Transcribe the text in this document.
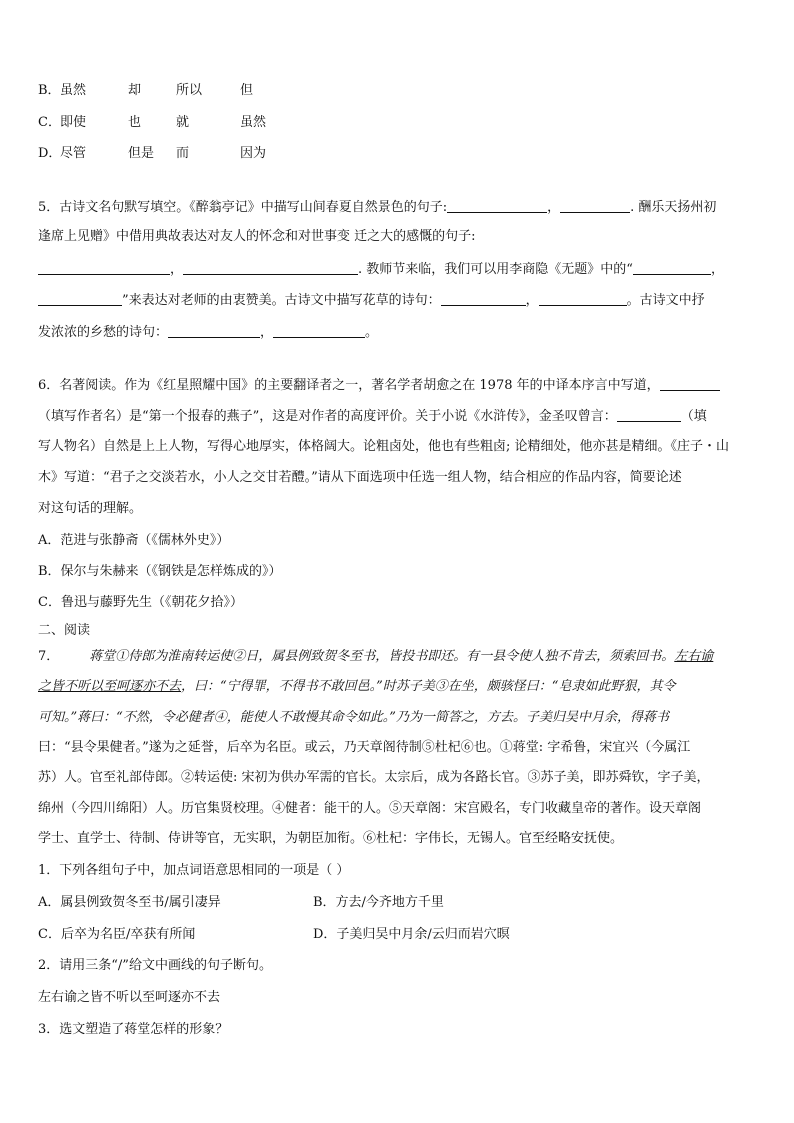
B．虽然	却	所以	但
C．即使	也	就	虽然
D．尽管	但是 而	因为
5．古诗文名句默写填空。《醉翁亭记》中描写山间春夏自然景色的句子:	，	. 酬乐天扬州初
逢席上见赠》中借用典故表达对友人的怀念和对世事变 迁之大的感慨的句子:
，	. 教师节来临，我们可以用李商隐《无题》中的“	，
”来表达对老师的由衷赞美。古诗文中描写花草的诗句：	，	。古诗文中抒
发浓浓的乡愁的诗句：	，	。
6．名著阅读。作为《红星照耀中国》的主要翻译者之一，著名学者胡愈之在 1978 年的中译本序言中写道，
（填写作者名）是“第一个报春的燕子”，这是对作者的高度评价。关于小说《水浒传》，金圣叹曾言：	（填
写人物名）自然是上上人物，写得心地厚实，体格阔大。论粗卤处，他也有些粗卤; 论精细处，他亦甚是精细。《庄子・山
木》写道：“君子之交淡若水，小人之交甘若醴。”请从下面选项中任选一组人物，结合相应的作品内容，简要论述
对这句话的理解。
A．范进与张静斋（《儒林外史》）
B．保尔与朱赫来（《钢铁是怎样炼成的》）
C．鲁迅与藤野先生（《朝花夕拾》）
二、阅读
7． 蒋堂①侍郎为淮南转运使②日，属县例致贺冬至书，皆投书即还。有一县令使人独不肯去，须索回书。左右谕
之皆不听以至呵逐亦不去，曰：“宁得罪，不得书不敢回邑。”时苏子美③在坐，颇骇怪曰：“皂隶如此野狠，其令
可知。”蒋曰：“不然，令必健者④，能使人不敢慢其命令如此。”乃为一简答之，方去。子美归吴中月余，得蒋书
曰：“县令果健者。”遂为之延誉，后卒为名臣。或云，乃天章阁待制⑤杜杞⑥也。①蒋堂: 字希鲁，宋宜兴（今属江
苏）人。官至礼部侍郎。②转运使: 宋初为供办军需的官长。太宗后，成为各路长官。③苏子美，即苏舜钦，字子美，
绵州（今四川绵阳）人。历官集贤校理。④健者：能干的人。⑤天章阁：宋宫殿名，专门收藏皇帝的著作。设天章阁
学士、直学士、待制、侍讲等官，无实职，为朝臣加衔。⑥杜杞：字伟长，无锡人。官至经略安抚使。
1．下列各组句子中，加点词语意思相同的一项是（ ）
A．属县例致贺冬至书/属引凄异	B．方去/今齐地方千里
C．后卒为名臣/卒获有所闻	D．子美归吴中月余/云归而岩穴暝
2．请用三条“/”给文中画线的句子断句。
左右谕之皆不听以至呵逐亦不去
3．选文塑造了蒋堂怎样的形象？
